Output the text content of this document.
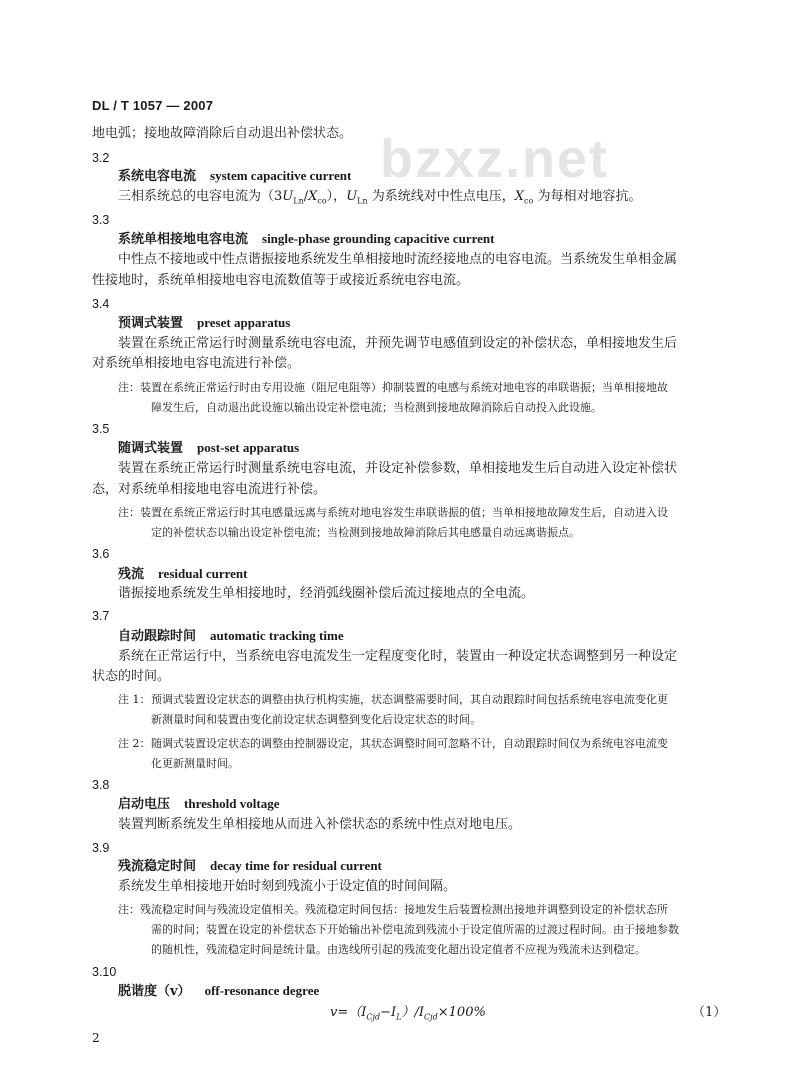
bzxz.net
DL / T 1057 — 2007
地电弧；接地故障消除后自动退出补偿状态。
3.2
系统电容电流 system capacitive current
三相系统总的电容电流为$(3U_{Ln}/X_{co})$，$U_{Ln}$ 为系统线对中性点电压，$X_{co}$ 为每相对地容抗。
3.3
系统单相接地电容电流 single-phase grounding capacitive current
中性点不接地或中性点谐振接地系统发生单相接地时流经接地点的电容电流。当系统发生单相金属
性接地时，系统单相接地电容电流数值等于或接近系统电容电流。
3.4
预调式装置 preset apparatus
装置在系统正常运行时测量系统电容电流，并预先调节电感值到设定的补偿状态，单相接地发生后
对系统单相接地电容电流进行补偿。
注：装置在系统正常运行时由专用设施（阻尼电阻等）抑制装置的电感与系统对地电容的串联谐振；当单相接地故
障发生后，自动退出此设施以输出设定补偿电流；当检测到接地故障消除后自动投入此设施。
3.5
随调式装置 post-set apparatus
装置在系统正常运行时测量系统电容电流，并设定补偿参数，单相接地发生后自动进入设定补偿状
态，对系统单相接地电容电流进行补偿。
注：装置在系统正常运行时其电感量远离与系统对地电容发生串联谐振的值；当单相接地故障发生后，自动进入设
定的补偿状态以输出设定补偿电流；当检测到接地故障消除后其电感量自动远离谐振点。
3.6
残流 residual current
谐振接地系统发生单相接地时，经消弧线圈补偿后流过接地点的全电流。
3.7
自动跟踪时间 automatic tracking time
系统在正常运行中，当系统电容电流发生一定程度变化时，装置由一种设定状态调整到另一种设定
状态的时间。
注 1： 预调式装置设定状态的调整由执行机构实施，状态调整需要时间，其自动跟踪时间包括系统电容电流变化更
新测量时间和装置由变化前设定状态调整到变化后设定状态的时间。
注 2： 随调式装置设定状态的调整由控制器设定，其状态调整时间可忽略不计，自动跟踪时间仅为系统电容电流变
化更新测量时间。
3.8
启动电压 threshold voltage
装置判断系统发生单相接地从而进入补偿状态的系统中性点对地电压。
3.9
残流稳定时间 decay time for residual current
系统发生单相接地开始时刻到残流小于设定值的时间间隔。
注：残流稳定时间与残流设定值相关。残流稳定时间包括：接地发生后装置检测出接地并调整到设定的补偿状态所
需的时间；装置在设定的补偿状态下开始输出补偿电流到残流小于设定值所需的过渡过程时间。由于接地参数
的随机性，残流稳定时间是统计量。由选线所引起的残流变化超出设定值者不应视为残流未达到稳定。
3.10
脱谐度（v） off-resonance degree
$v=(I_{Cjd}-I_L)/I_{Cjd}\times 100\%$	（1）
2
